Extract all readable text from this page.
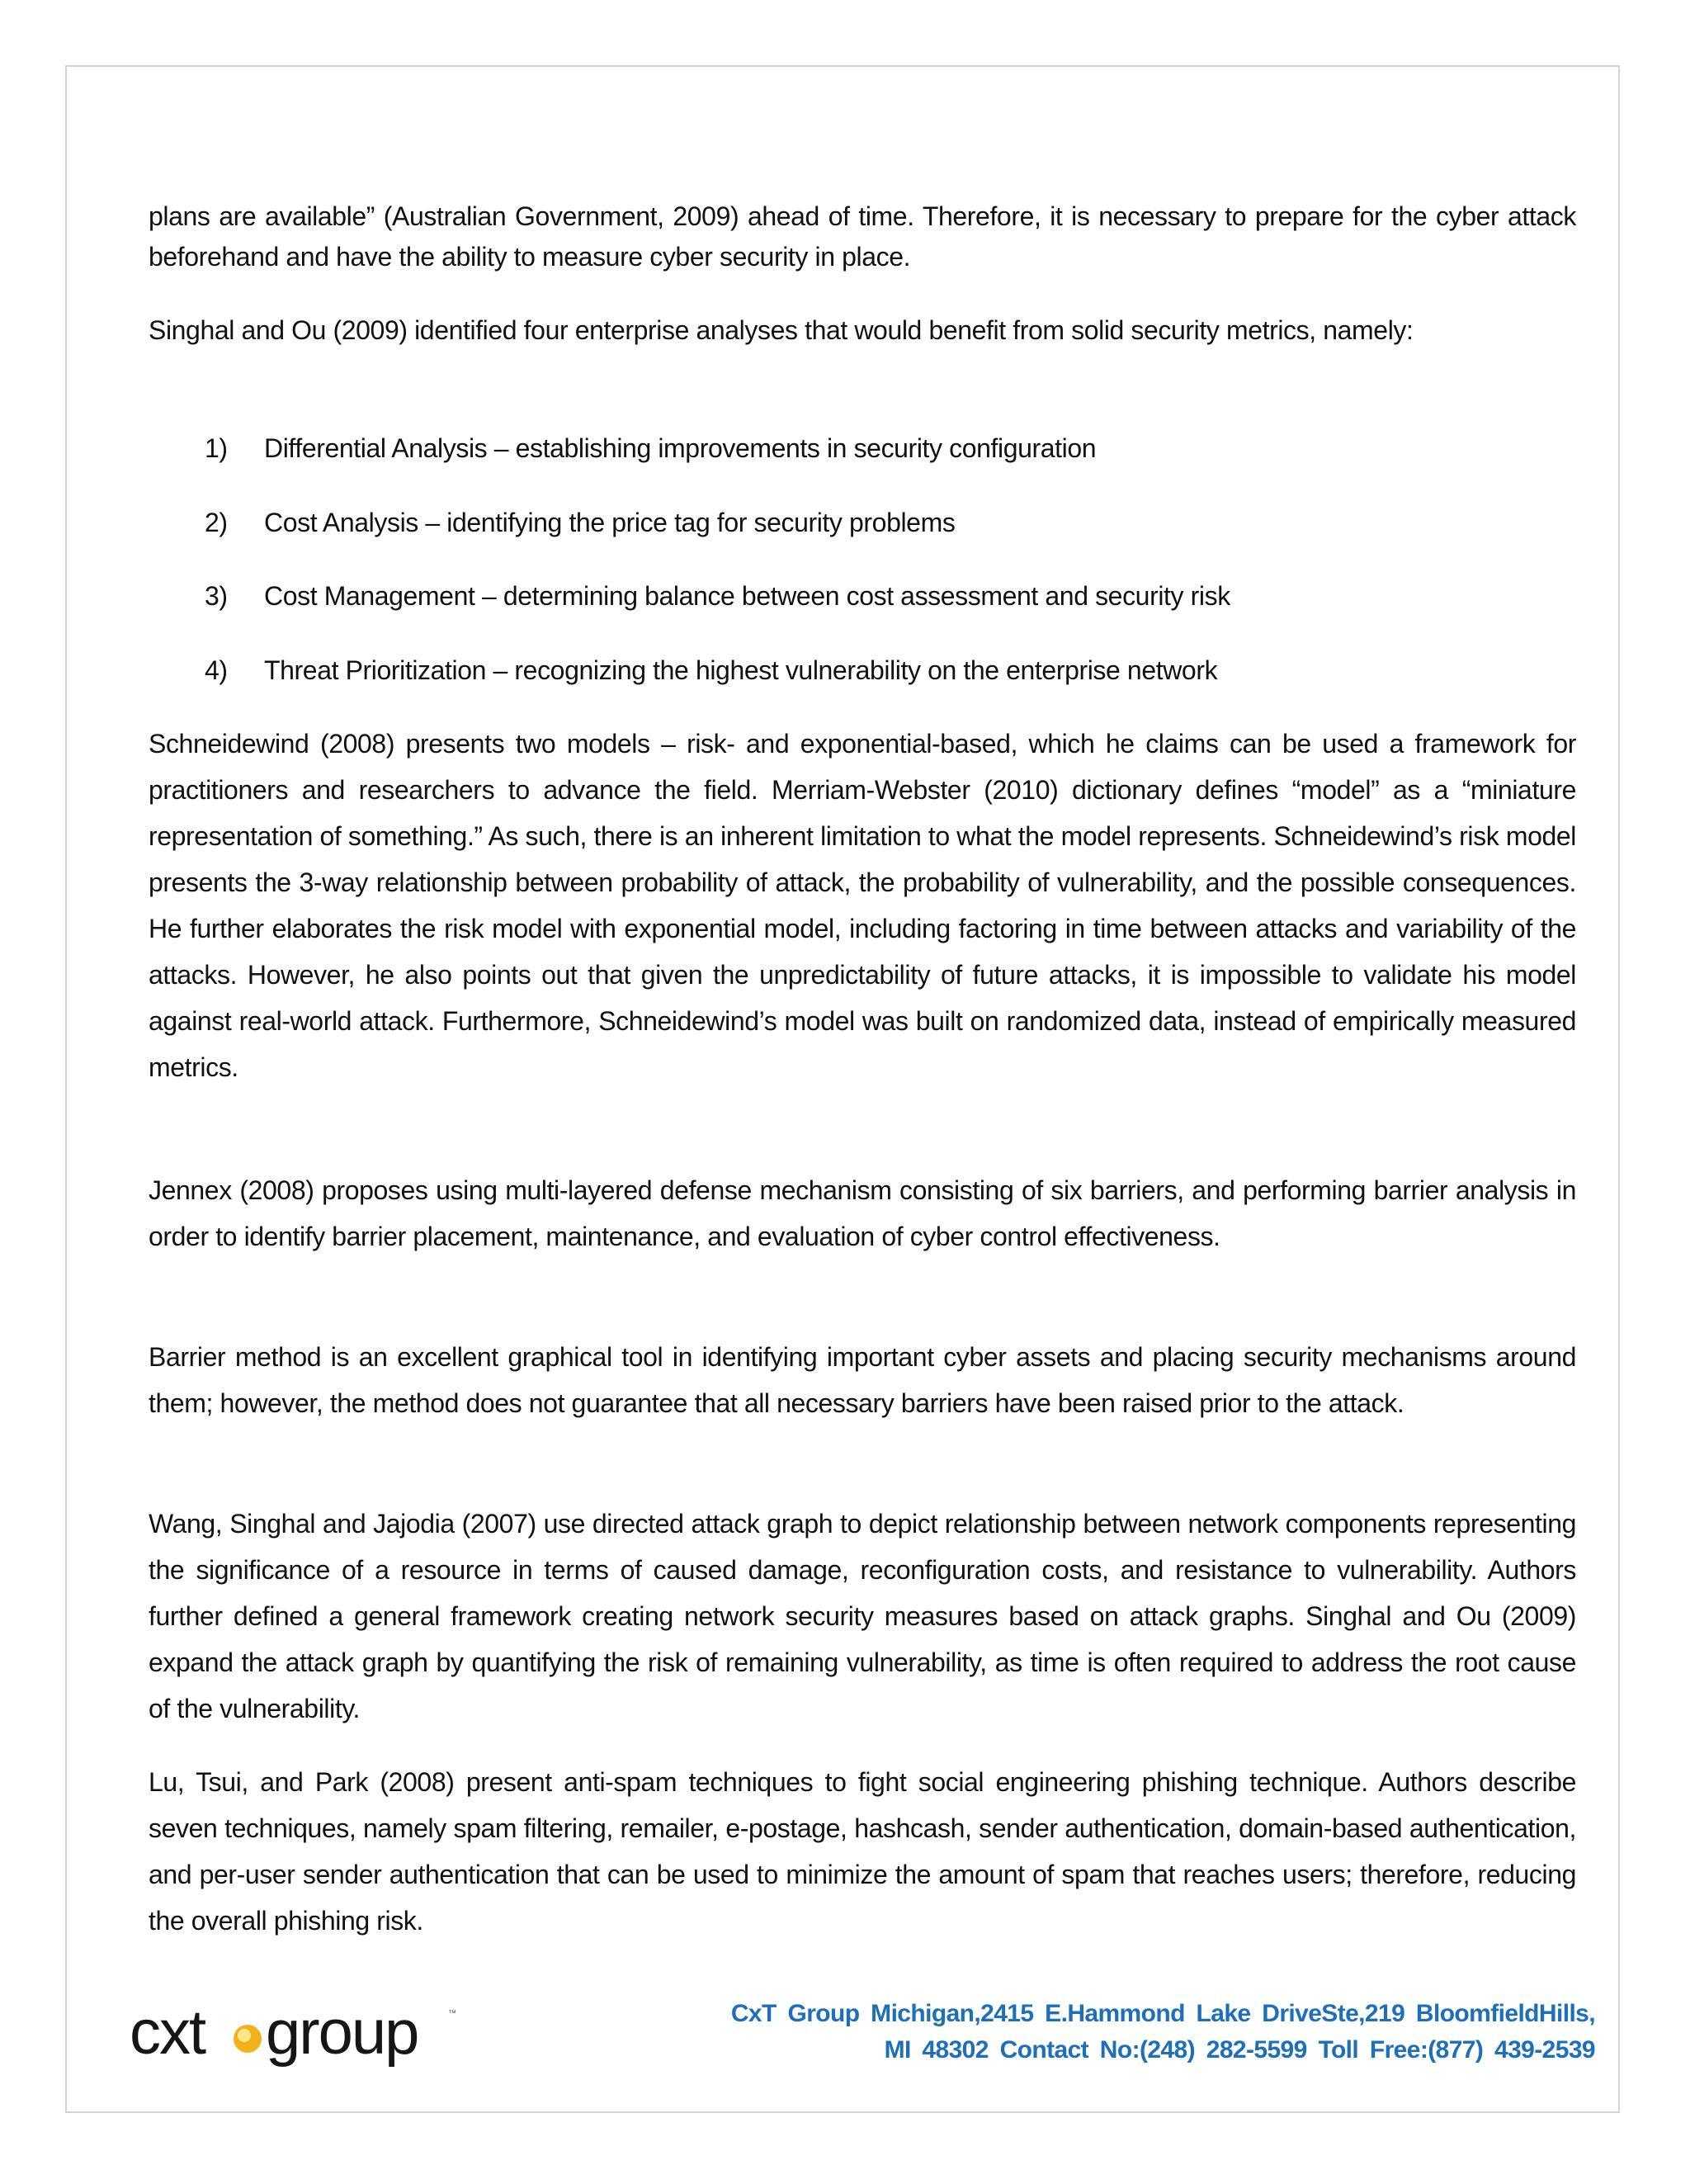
plans are available” (Australian Government, 2009) ahead of time. Therefore, it is necessary to prepare for the cyber attack beforehand and have the ability to measure cyber security in place.

Singhal and Ou (2009) identified four enterprise analyses that would benefit from solid security metrics, namely:

1) Differential Analysis – establishing improvements in security configuration
2) Cost Analysis – identifying the price tag for security problems
3) Cost Management – determining balance between cost assessment and security risk
4) Threat Prioritization – recognizing the highest vulnerability on the enterprise network

Schneidewind (2008) presents two models – risk- and exponential-based, which he claims can be used a framework for practitioners and researchers to advance the field. Merriam-Webster (2010) dictionary defines “model” as a “miniature representation of something.” As such, there is an inherent limitation to what the model represents. Schneidewind’s risk model presents the 3-way relationship between probability of attack, the probability of vulnerability, and the possible consequences. He further elaborates the risk model with exponential model, including factoring in time between attacks and variability of the attacks. However, he also points out that given the unpredictability of future attacks, it is impossible to validate his model against real-world attack. Furthermore, Schneidewind’s model was built on randomized data, instead of empirically measured metrics.

Jennex (2008) proposes using multi-layered defense mechanism consisting of six barriers, and performing barrier analysis in order to identify barrier placement, maintenance, and evaluation of cyber control effectiveness.

Barrier method is an excellent graphical tool in identifying important cyber assets and placing security mechanisms around them; however, the method does not guarantee that all necessary barriers have been raised prior to the attack.

Wang, Singhal and Jajodia (2007) use directed attack graph to depict relationship between network components representing the significance of a resource in terms of caused damage, reconfiguration costs, and resistance to vulnerability. Authors further defined a general framework creating network security measures based on attack graphs. Singhal and Ou (2009) expand the attack graph by quantifying the risk of remaining vulnerability, as time is often required to address the root cause of the vulnerability.

Lu, Tsui, and Park (2008) present anti-spam techniques to fight social engineering phishing technique. Authors describe seven techniques, namely spam filtering, remailer, e-postage, hashcash, sender authentication, domain-based authentication, and per-user sender authentication that can be used to minimize the amount of spam that reaches users; therefore, reducing the overall phishing risk.

cxt group	™	CxT Group Michigan,2415 E.Hammond Lake DriveSte,219 BloomfieldHills,
MI 48302 Contact No:(248) 282-5599 Toll Free:(877) 439-2539
